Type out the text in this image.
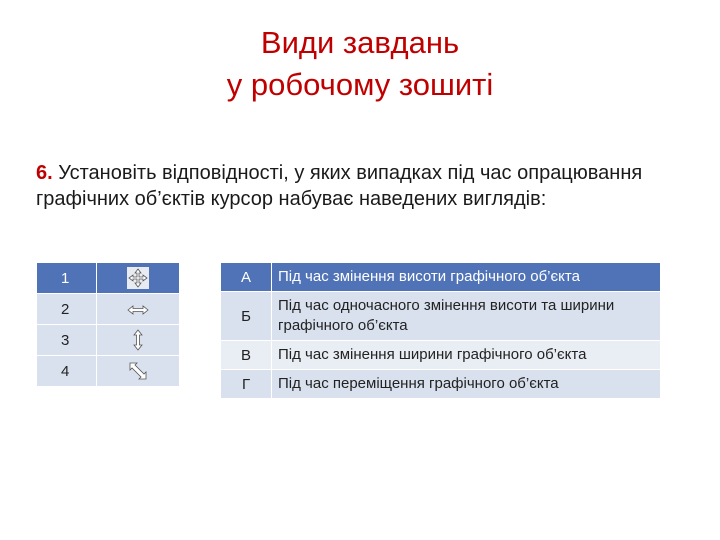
Види завдань
у робочому зошиті
6. Установіть відповідності, у яких випадках під час опрацювання графічних об’єктів курсор набуває наведених виглядів:
1	
2	
3	
4	
А	Під час змінення висоти графічного об’єкта
Б	Під час одночасного змінення висоти та ширини графічного об’єкта
В	Під час змінення ширини графічного об’єкта
Г	Під час переміщення графічного об’єкта
